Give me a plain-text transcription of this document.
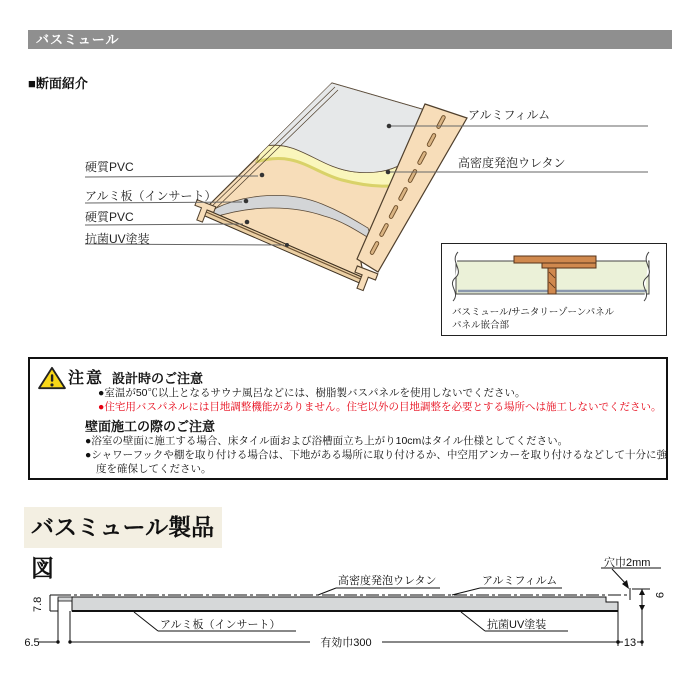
バスミュール
■断面紹介
硬質PVC
アルミ板（インサート）
硬質PVC
抗菌UV塗装
アルミフィルム
高密度発泡ウレタン
バスミュール/サニタリーゾーンパネル
パネル嵌合部
注意 設計時のご注意
●室温が50℃以上となるサウナ風呂などには、樹脂製バスパネルを使用しないでください。
●住宅用バスパネルには目地調整機能がありません。住宅以外の目地調整を必要とする場所へは施工しないでください。
壁面施工の際のご注意
●浴室の壁面に施工する場合、床タイル面および浴槽面立ち上がり10cmはタイル仕様としてください。
●シャワーフックや棚を取り付ける場合は、下地がある場所に取り付けるか、中空用アンカーを取り付けるなどして十分に強度を確保してください。
バスミュール製品図
7.8
6.5	有効巾300	13
9
穴巾2mm
高密度発泡ウレタン	アルミフィルム
アルミ板（インサート）	抗菌UV塗装
